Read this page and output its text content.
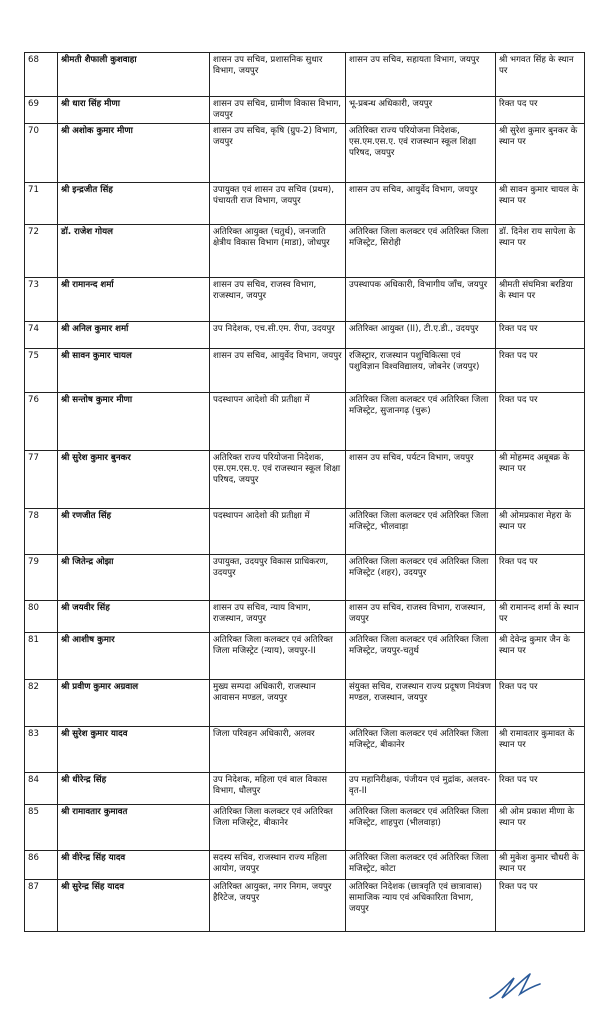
68	श्रीमती शैफाली कुशवाहा	शासन उप सचिव, प्रशासनिक सुधार विभाग, जयपुर	शासन उप सचिव, सहायता विभाग, जयपुर	श्री भगवत सिंह के स्थान पर
69	श्री धारा सिंह मीणा	शासन उप सचिव, ग्रामीण विकास विभाग, जयपुर	भू-प्रबन्ध अधिकारी, जयपुर	रिक्त पद पर
70	श्री अशोक कुमार मीणा	शासन उप सचिव, कृषि (ग्रुप-2) विभाग, जयपुर	अतिरिक्त राज्य परियोजना निदेशक, एस.एम.एस.ए. एवं राजस्थान स्कूल शिक्षा परिषद, जयपुर	श्री सुरेश कुमार बुनकर के स्थान पर
71	श्री इन्द्रजीत सिंह	उपायुक्त एवं शासन उप सचिव (प्रथम), पंचायती राज विभाग, जयपुर	शासन उप सचिव, आयुर्वेद विभाग, जयपुर	श्री सावन कुमार चायल के स्थान पर
72	डॉ. राजेश गोयल	अतिरिक्त आयुक्त (चतुर्थ), जनजाति क्षेत्रीय विकास विभाग (माडा), जोधपुर	अतिरिक्त जिला कलक्टर एवं अतिरिक्त जिला मजिस्ट्रेट, सिरोही	डॉ. दिनेश राय सापेला के स्थान पर
73	श्री रामानन्द शर्मा	शासन उप सचिव, राजस्व विभाग, राजस्थान, जयपुर	उपस्थापक अधिकारी, विभागीय जाँच, जयपुर	श्रीमती संघमित्रा बरडिया के स्थान पर
74	श्री अनिल कुमार शर्मा	उप निदेशक, एच.सी.एम. रीपा, उदयपुर	अतिरिक्त आयुक्त (II), टी.ए.डी., उदयपुर	रिक्त पद पर
75	श्री सावन कुमार चायल	शासन उप सचिव, आयुर्वेद विभाग, जयपुर	रजिस्ट्रार, राजस्थान पशुचिकित्सा एवं पशुविज्ञान विश्वविद्यालय, जोबनेर (जयपुर)	रिक्त पद पर
76	श्री सन्तोष कुमार मीणा	पदस्थापन आदेशो की प्रतीक्षा में	अतिरिक्त जिला कलक्टर एवं अतिरिक्त जिला मजिस्ट्रेट, सुजानगढ़ (चुरू)	रिक्त पद पर
77	श्री सुरेश कुमार बुनकर	अतिरिक्त राज्य परियोजना निदेशक, एस.एम.एस.ए. एवं राजस्थान स्कूल शिक्षा परिषद, जयपुर	शासन उप सचिव, पर्यटन विभाग, जयपुर	श्री मोहम्मद अबूबक्र के स्थान पर
78	श्री रणजीत सिंह	पदस्थापन आदेशो की प्रतीक्षा में	अतिरिक्त जिला कलक्टर एवं अतिरिक्त जिला मजिस्ट्रेट, भीलवाड़ा	श्री ओमप्रकाश मेहरा के स्थान पर
79	श्री जितेन्द्र ओझा	उपायुक्त, उदयपुर विकास प्राधिकरण, उदयपुर	अतिरिक्त जिला कलक्टर एवं अतिरिक्त जिला मजिस्ट्रेट (शहर), उदयपुर	रिक्त पद पर
80	श्री जयवीर सिंह	शासन उप सचिव, न्याय विभाग, राजस्थान, जयपुर	शासन उप सचिव, राजस्व विभाग, राजस्थान, जयपुर	श्री रामानन्द शर्मा के स्थान पर
81	श्री आशीष कुमार	अतिरिक्त जिला कलक्टर एवं अतिरिक्त जिला मजिस्ट्रेट (न्याय), जयपुर-II	अतिरिक्त जिला कलक्टर एवं अतिरिक्त जिला मजिस्ट्रेट, जयपुर-चतुर्थ	श्री देवेन्द्र कुमार जैन के स्थान पर
82	श्री प्रवीण कुमार अग्रवाल	मुख्य सम्पदा अधिकारी, राजस्थान आवासन मण्डल, जयपुर	संयुक्त सचिव, राजस्थान राज्य प्रदूषण नियंत्रण मण्डल, राजस्थान, जयपुर	रिक्त पद पर
83	श्री सुरेश कुमार यादव	जिला परिवहन अधिकारी, अलवर	अतिरिक्त जिला कलक्टर एवं अतिरिक्त जिला मजिस्ट्रेट, बीकानेर	श्री रामावतार कुमावत के स्थान पर
84	श्री धीरेन्द्र सिंह	उप निदेशक, महिला एवं बाल विकास विभाग, धौलपुर	उप महानिरीक्षक, पंजीयन एवं मुद्रांक, अलवर-वृत-II	रिक्त पद पर
85	श्री रामावतार कुमावत	अतिरिक्त जिला कलक्टर एवं अतिरिक्त जिला मजिस्ट्रेट, बीकानेर	अतिरिक्त जिला कलक्टर एवं अतिरिक्त जिला मजिस्ट्रेट, शाहपुरा (भीलवाड़ा)	श्री ओम प्रकाश मीणा के स्थान पर
86	श्री वीरेन्द्र सिंह यादव	सदस्य सचिव, राजस्थान राज्य महिला आयोग, जयपुर	अतिरिक्त जिला कलक्टर एवं अतिरिक्त जिला मजिस्ट्रेट, कोटा	श्री मुकेश कुमार चौधरी के स्थान पर
87	श्री सुरेन्द्र सिंह यादव	अतिरिक्त आयुक्त, नगर निगम, जयपुर हैरिटेज, जयपुर	अतिरिक्त निदेशक (छात्रवृति एवं छात्रावास) सामाजिक न्याय एवं अधिकारिता विभाग, जयपुर	रिक्त पद पर
